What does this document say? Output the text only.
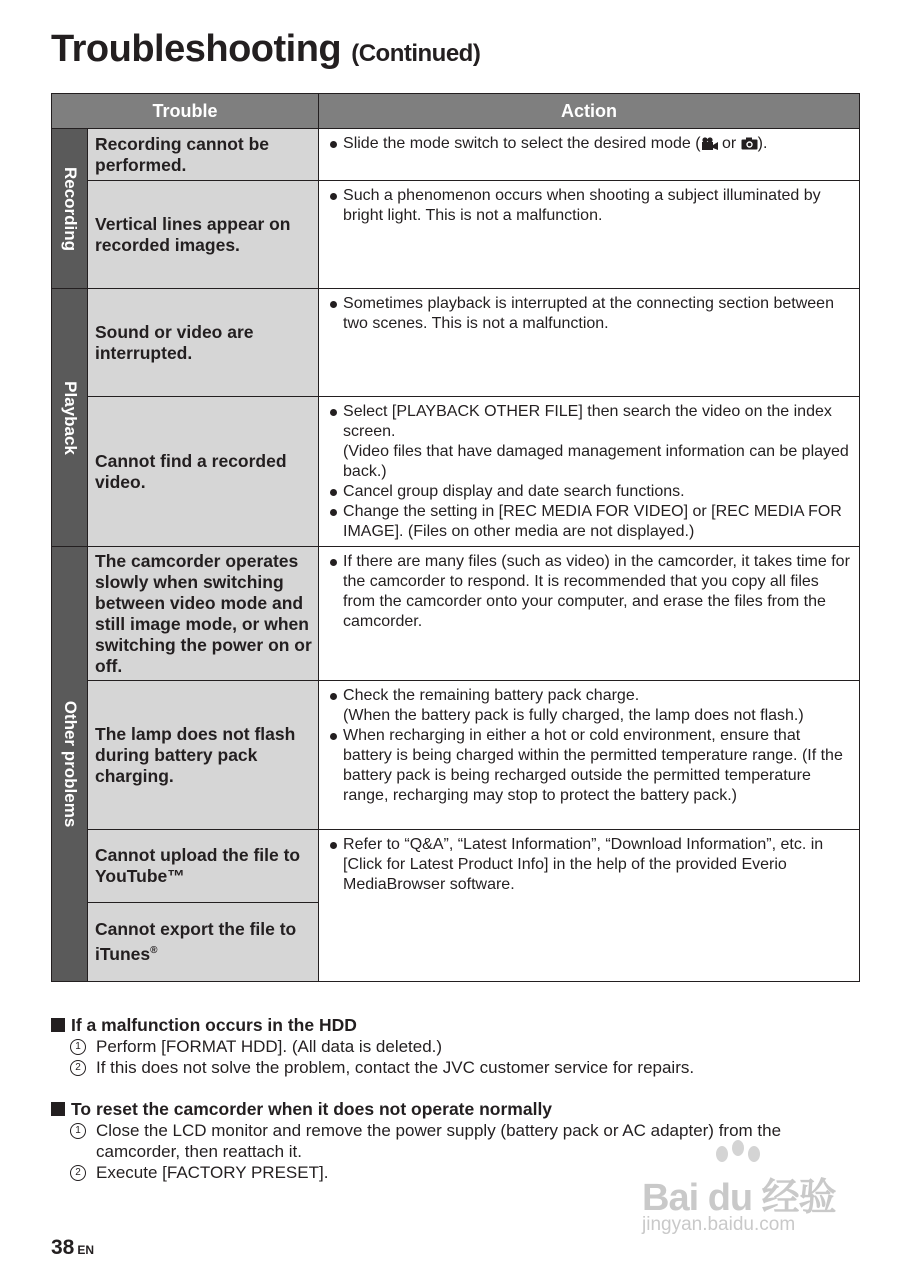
Troubleshooting (Continued)
Trouble		Action

Recording	Recording cannot be performed.	Slide the mode switch to select the desired mode ( or ).

	Vertical lines appear on recorded images.	Such a phenomenon occurs when shooting a subject illuminated by bright light. This is not a malfunction.

Playback	Sound or video are interrupted.	Sometimes playback is interrupted at the connecting section between two scenes. This is not a malfunction.

	Cannot find a recorded video.	Select [PLAYBACK OTHER FILE] then search the video on the index screen.
(Video files that have damaged management information can be played back.)
Cancel group display and date search functions.
Change the setting in [REC MEDIA FOR VIDEO] or [REC MEDIA FOR IMAGE]. (Files on other media are not displayed.)

Other problems	The camcorder operates slowly when switching between video mode and still image mode, or when switching the power on or off.	If there are many files (such as video) in the camcorder, it takes time for the camcorder to respond. It is recommended that you copy all files from the camcorder onto your computer, and erase the files from the camcorder.

	The lamp does not flash during battery pack charging.	Check the remaining battery pack charge.
(When the battery pack is fully charged, the lamp does not flash.)
When recharging in either a hot or cold environment, ensure that battery is being charged within the permitted temperature range. (If the battery pack is being recharged outside the permitted temperature range, recharging may stop to protect the battery pack.)

	Cannot upload the file to YouTube™	Refer to “Q&A”, “Latest Information”, “Download Information”, etc. in [Click for Latest Product Info] in the help of the provided Everio MediaBrowser software.

	Cannot export the file to iTunes®
If a malfunction occurs in the HDD
1 Perform [FORMAT HDD]. (All data is deleted.)
2 If this does not solve the problem, contact the JVC customer service for repairs.
To reset the camcorder when it does not operate normally
1 Close the LCD monitor and remove the power supply (battery pack or AC adapter) from the camcorder, then reattach it.
2 Execute [FACTORY PRESET].
38 EN
Bai du 经验
jingyan.baidu.com
